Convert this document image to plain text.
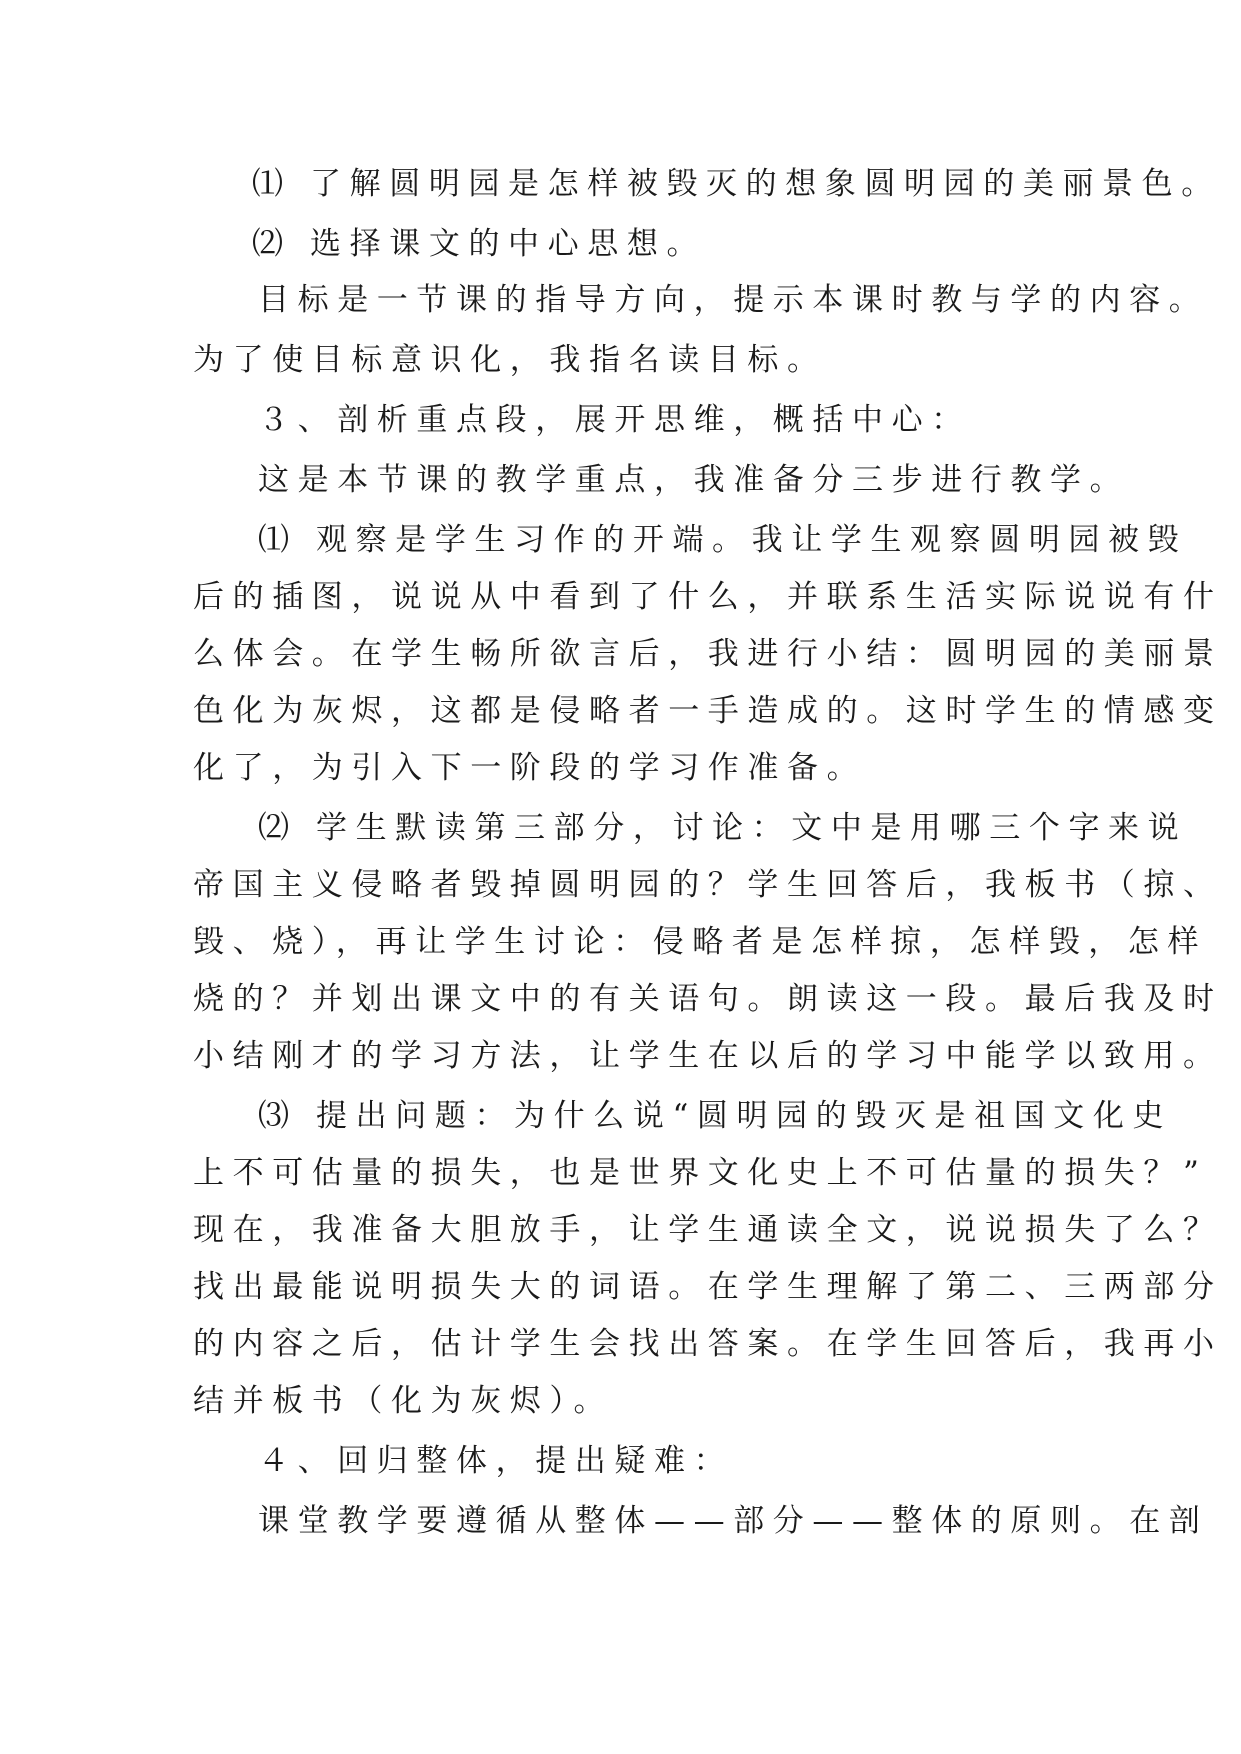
⑴ 了解圆明园是怎样被毁灭的想象圆明园的美丽景色。
⑵ 选择课文的中心思想。
目标是一节课的指导方向，提示本课时教与学的内容。
为了使目标意识化，我指名读目标。
３、剖析重点段，展开思维，概括中心：
这是本节课的教学重点，我准备分三步进行教学。
⑴ 观察是学生习作的开端。我让学生观察圆明园被毁
后的插图，说说从中看到了什么，并联系生活实际说说有什
么体会。在学生畅所欲言后，我进行小结：圆明园的美丽景
色化为灰烬，这都是侵略者一手造成的。这时学生的情感变
化了，为引入下一阶段的学习作准备。
⑵ 学生默读第三部分，讨论：文中是用哪三个字来说
帝国主义侵略者毁掉圆明园的？学生回答后，我板书（掠、
毁、烧），再让学生讨论：侵略者是怎样掠，怎样毁，怎样
烧的？并划出课文中的有关语句。朗读这一段。最后我及时
小结刚才的学习方法，让学生在以后的学习中能学以致用。
⑶ 提出问题：为什么说“圆明园的毁灭是祖国文化史
上不可估量的损失，也是世界文化史上不可估量的损失？”
现在，我准备大胆放手，让学生通读全文，说说损失了么？
找出最能说明损失大的词语。在学生理解了第二、三两部分
的内容之后，估计学生会找出答案。在学生回答后，我再小
结并板书（化为灰烬）。
４、回归整体，提出疑难：
课堂教学要遵循从整体——部分——整体的原则。在剖
